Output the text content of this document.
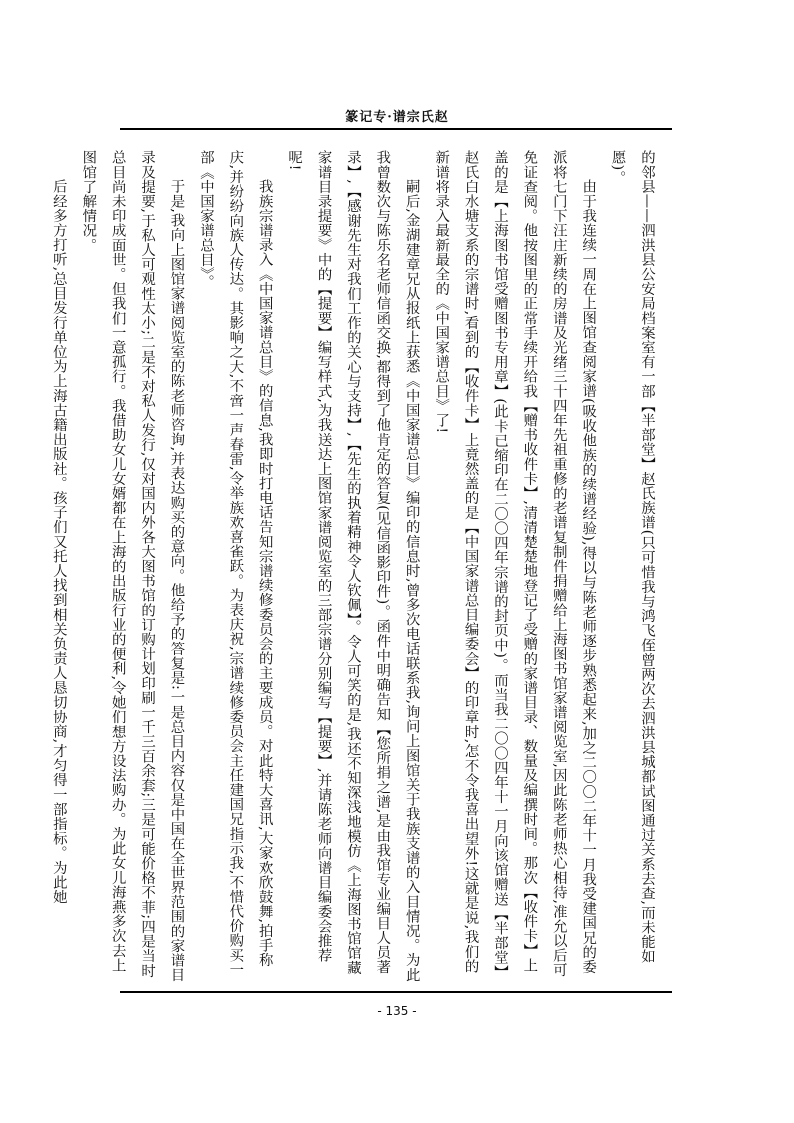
篆记专·谱宗氏赵

的邻县——泗洪县公安局档案室有一部【半部堂】赵氏族谱(只可惜我与鸿飞侄曾两次去泗洪县城都试图通过关系去查,而未能如愿)。

由于我连续一周在上图馆查阅家谱(吸收他族的续谱经验),得以与陈老师逐步熟悉起来,加之二〇〇二年十一月我受建国兄的委派将七门下汪庄新续的房谱及光绪三十四年先祖重修的老谱复制件捐赠给上海图书馆家谱阅览室,因此陈老师热心相待,准允以后可免证查阅。他按图里的正常手续开给我【赠书收件卡】,清清楚楚地登记了受赠的家谱目录、数量及编撰时间。那次【收件卡】上盖的是【上海图书馆受赠图书专用章】(此卡已缩印在二〇〇四年宗谱的封页中)。而当我二〇〇四年十一月向该馆赠送【半部堂】赵氏白水塘支系的宗谱时,看到的【收件卡】上竟然盖的是【中国家谱总目编委会】的印章时,怎不令我喜出望外!这就是说,我们的新谱将录入最新最全的《中国家谱总目》了!

嗣后,金湖建章兄从报纸上获悉《中国家谱总目》编印的信息时,曾多次电话联系我,询问上图馆关于我族支谱的入目情况。为此我曾数次与陈乐名老师信函交换,都得到了他肯定的答复(见信函影印件)。函件中明确告知【您所捐之谱,是由我馆专业编目人员著录】,【感谢先生对我们工作的关心与支持】,【先生的执着精神令人钦佩】。令人可笑的是,我还不知深浅地模仿《上海图书馆馆藏家谱目录提要》中的【提要】编写样式,为我送达上图馆家谱阅览室的三部宗谱分别编写【提要】,并请陈老师向谱目编委会推荐呢!

我族宗谱录入《中国家谱总目》的信息,我即时打电话告知宗谱续修委员会的主要成员。对此特大喜讯,大家欢欣鼓舞,拍手称庆,并纷纷向族人传达。其影响之大,不啻一声春雷,令举族欢喜雀跃。为表庆祝,宗谱续修委员会主任建国兄指示我,不惜代价购买一部《中国家谱总目》。

于是,我向上图馆家谱阅览室的陈老师咨询,并表达购买的意向。他给予的答复是:一是总目内容仅是中国在全世界范围的家谱目录及提要,于私人可观性太小;二是不对私人发行,仅对国内外各大图书馆的订购计划印刷一千三百余套;三是可能价格不菲;四是当时总目尚未印成面世。但我们一意孤行。我借助女儿女婿都在上海的出版行业的便利,令她们想方设法购办。为此女儿海燕多次去上图馆了解情况。

后经多方打听,总目发行单位为上海古籍出版社。孩子们又托人找到相关负责人恳切协商,才匀得一部指标。为此她

- 135 -
